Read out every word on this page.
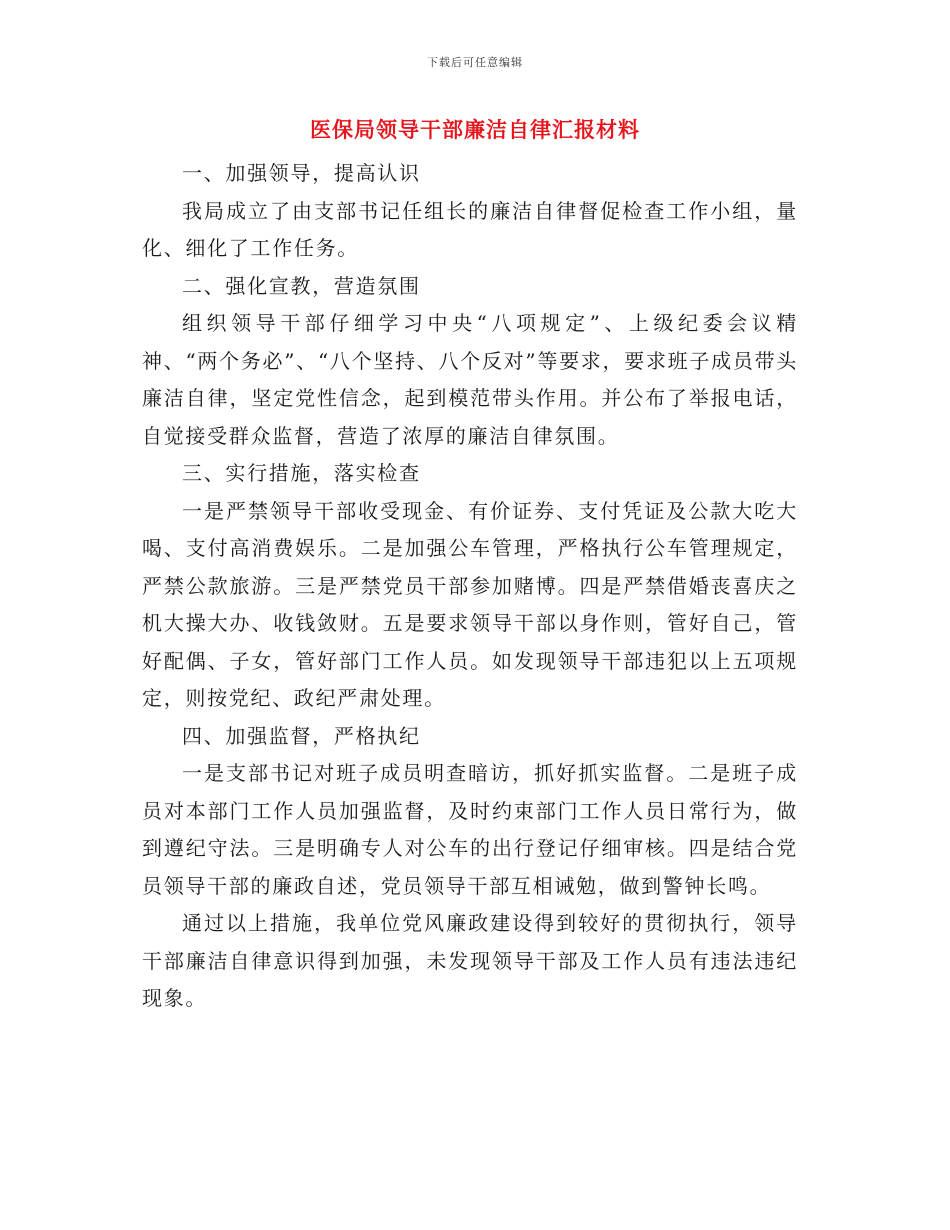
下载后可任意编辑
医保局领导干部廉洁自律汇报材料

一、加强领导，提高认识

我局成立了由支部书记任组长的廉洁自律督促检查工作小组，量化、细化了工作任务。

二、强化宣教，营造氛围

组织领导干部仔细学习中央“八项规定”、上级纪委会议精神、“两个务必”、“八个坚持、八个反对”等要求，要求班子成员带头廉洁自律，坚定党性信念，起到模范带头作用。并公布了举报电话，自觉接受群众监督，营造了浓厚的廉洁自律氛围。

三、实行措施，落实检查

一是严禁领导干部收受现金、有价证券、支付凭证及公款大吃大喝、支付高消费娱乐。二是加强公车管理，严格执行公车管理规定，严禁公款旅游。三是严禁党员干部参加赌博。四是严禁借婚丧喜庆之机大操大办、收钱敛财。五是要求领导干部以身作则，管好自己，管好配偶、子女，管好部门工作人员。如发现领导干部违犯以上五项规定，则按党纪、政纪严肃处理。

四、加强监督，严格执纪

一是支部书记对班子成员明查暗访，抓好抓实监督。二是班子成员对本部门工作人员加强监督，及时约束部门工作人员日常行为，做到遵纪守法。三是明确专人对公车的出行登记仔细审核。四是结合党员领导干部的廉政自述，党员领导干部互相诫勉，做到警钟长鸣。

通过以上措施，我单位党风廉政建设得到较好的贯彻执行，领导干部廉洁自律意识得到加强，未发现领导干部及工作人员有违法违纪现象。
